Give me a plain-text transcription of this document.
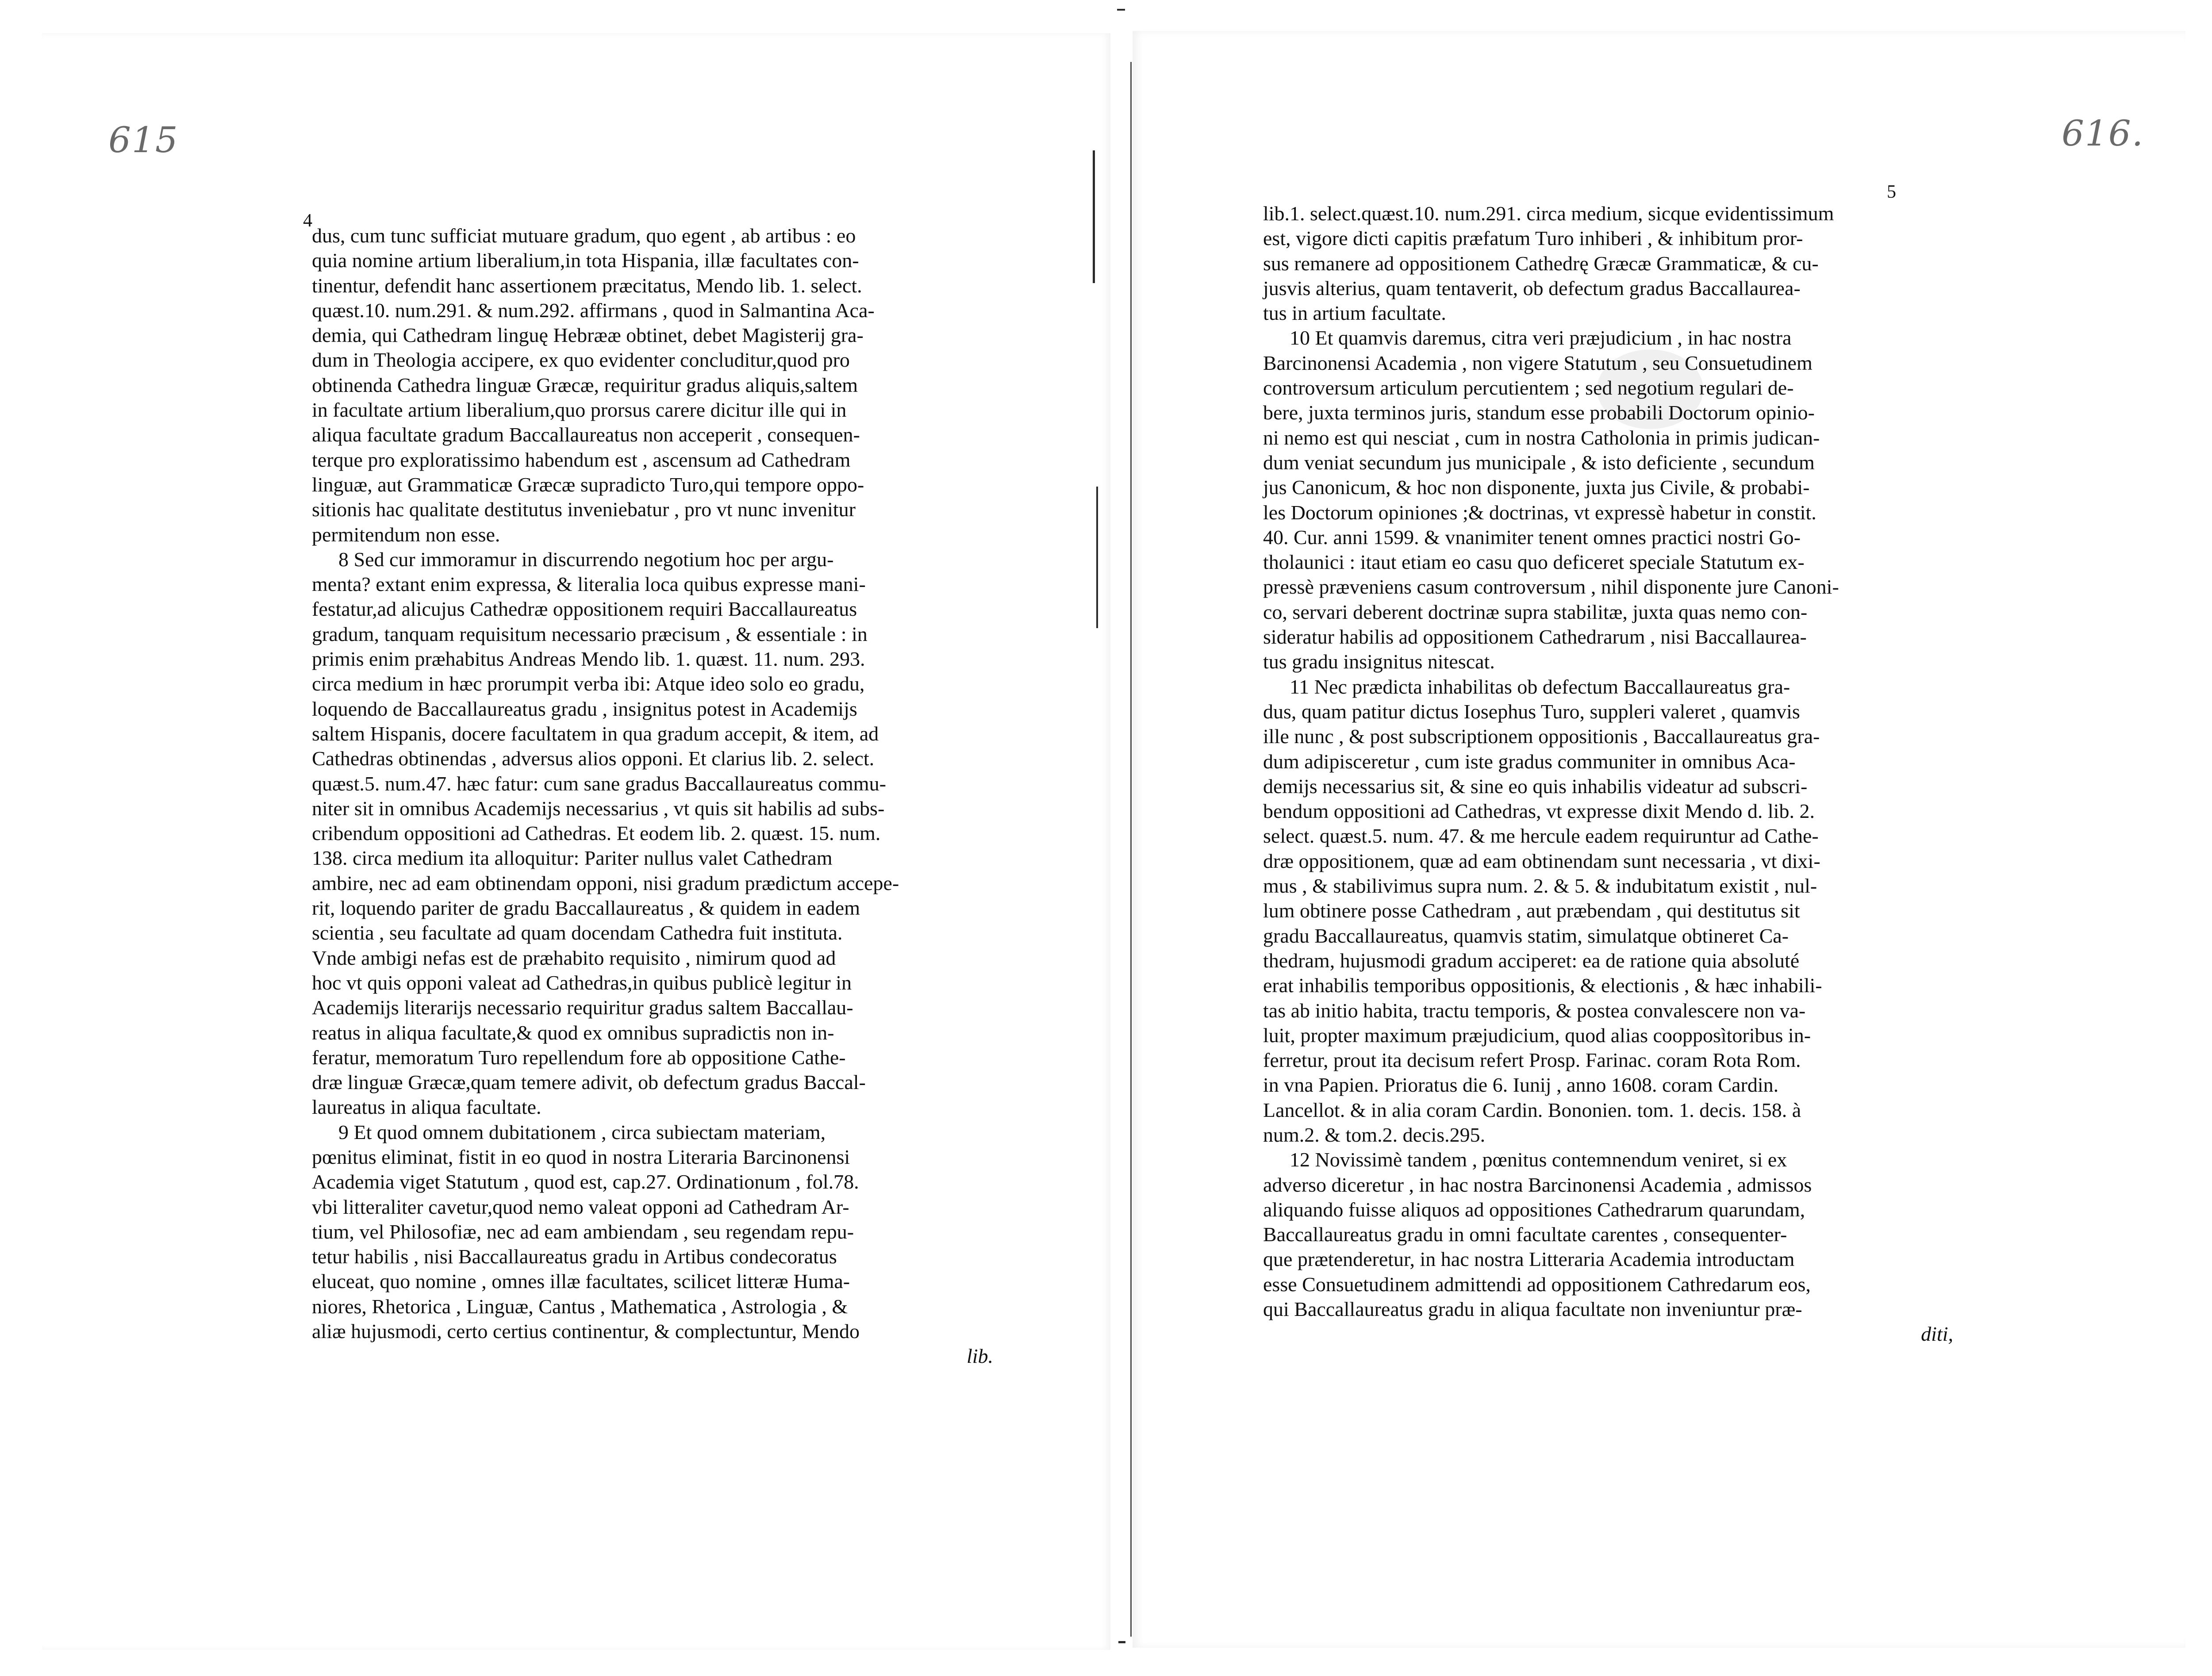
615
4
dus, cum tunc sufficiat mutuare gradum, quo egent , ab artibus : eo
quia nomine artium liberalium,in tota Hispania, illæ facultates con-
tinentur, defendit hanc assertionem præcitatus, Mendo lib. 1. select.
quæst.10. num.291. & num.292. affirmans , quod in Salmantina Aca-
demia, qui Cathedram linguę Hebrææ obtinet, debet Magisterij gra-
dum in Theologia accipere, ex quo evidenter concluditur,quod pro
obtinenda Cathedra linguæ Græcæ, requiritur gradus aliquis,saltem
in facultate artium liberalium,quo prorsus carere dicitur ille qui in
aliqua facultate gradum Baccallaureatus non acceperit , consequen-
terque pro exploratissimo habendum est , ascensum ad Cathedram
linguæ, aut Grammaticæ Græcæ supradicto Turo,qui tempore oppo-
sitionis hac qualitate destitutus inveniebatur , pro vt nunc invenitur
permitendum non esse.
8 Sed cur immoramur in discurrendo negotium hoc per argu-
menta? extant enim expressa, & literalia loca quibus expresse mani-
festatur,ad alicujus Cathedræ oppositionem requiri Baccallaureatus
gradum, tanquam requisitum necessario præcisum , & essentiale : in
primis enim præhabitus Andreas Mendo lib. 1. quæst. 11. num. 293.
circa medium in hæc prorumpit verba ibi: Atque ideo solo eo gradu,
loquendo de Baccallaureatus gradu , insignitus potest in Academijs
saltem Hispanis, docere facultatem in qua gradum accepit, & item, ad
Cathedras obtinendas , adversus alios opponi. Et clarius lib. 2. select.
quæst.5. num.47. hæc fatur: cum sane gradus Baccallaureatus commu-
niter sit in omnibus Academijs necessarius , vt quis sit habilis ad subs-
cribendum oppositioni ad Cathedras. Et eodem lib. 2. quæst. 15. num.
138. circa medium ita alloquitur: Pariter nullus valet Cathedram
ambire, nec ad eam obtinendam opponi, nisi gradum prædictum accepe-
rit, loquendo pariter de gradu Baccallaureatus , & quidem in eadem
scientia , seu facultate ad quam docendam Cathedra fuit instituta.
Vnde ambigi nefas est de præhabito requisito , nimirum quod ad
hoc vt quis opponi valeat ad Cathedras,in quibus publicè legitur in
Academijs literarijs necessario requiritur gradus saltem Baccallau-
reatus in aliqua facultate,& quod ex omnibus supradictis non in-
feratur, memoratum Turo repellendum fore ab oppositione Cathe-
dræ linguæ Græcæ,quam temere adivit, ob defectum gradus Baccal-
laureatus in aliqua facultate.
9 Et quod omnem dubitationem , circa subiectam materiam,
pœnitus eliminat, fistit in eo quod in nostra Literaria Barcinonensi
Academia viget Statutum , quod est, cap.27. Ordinationum , fol.78.
vbi litteraliter cavetur,quod nemo valeat opponi ad Cathedram Ar-
tium, vel Philosofiæ, nec ad eam ambiendam , seu regendam repu-
tetur habilis , nisi Baccallaureatus gradu in Artibus condecoratus
eluceat, quo nomine , omnes illæ facultates, scilicet litteræ Huma-
niores, Rhetorica , Linguæ, Cantus , Mathematica , Astrologia , &
aliæ hujusmodi, certo certius continentur, & complectuntur, Mendo
lib.
616.
5
lib.1. select.quæst.10. num.291. circa medium, sicque evidentissimum
est, vigore dicti capitis præfatum Turo inhiberi , & inhibitum pror-
sus remanere ad oppositionem Cathedrę Græcæ Grammaticæ, & cu-
jusvis alterius, quam tentaverit, ob defectum gradus Baccallaurea-
tus in artium facultate.
10 Et quamvis daremus, citra veri præjudicium , in hac nostra
Barcinonensi Academia , non vigere Statutum , seu Consuetudinem
controversum articulum percutientem ; sed negotium regulari de-
bere, juxta terminos juris, standum esse probabili Doctorum opinio-
ni nemo est qui nesciat , cum in nostra Catholonia in primis judican-
dum veniat secundum jus municipale , & isto deficiente , secundum
jus Canonicum, & hoc non disponente, juxta jus Civile, & probabi-
les Doctorum opiniones ;& doctrinas, vt expressè habetur in constit.
40. Cur. anni 1599. & vnanimiter tenent omnes practici nostri Go-
tholaunici : itaut etiam eo casu quo deficeret speciale Statutum ex-
pressè præveniens casum controversum , nihil disponente jure Canoni-
co, servari deberent doctrinæ supra stabilitæ, juxta quas nemo con-
sideratur habilis ad oppositionem Cathedrarum , nisi Baccallaurea-
tus gradu insignitus nitescat.
11 Nec prædicta inhabilitas ob defectum Baccallaureatus gra-
dus, quam patitur dictus Iosephus Turo, suppleri valeret , quamvis
ille nunc , & post subscriptionem oppositionis , Baccallaureatus gra-
dum adipisceretur , cum iste gradus communiter in omnibus Aca-
demijs necessarius sit, & sine eo quis inhabilis videatur ad subscri-
bendum oppositioni ad Cathedras, vt expresse dixit Mendo d. lib. 2.
select. quæst.5. num. 47. & me hercule eadem requiruntur ad Cathe-
dræ oppositionem, quæ ad eam obtinendam sunt necessaria , vt dixi-
mus , & stabilivimus supra num. 2. & 5. & indubitatum existit , nul-
lum obtinere posse Cathedram , aut præbendam , qui destitutus sit
gradu Baccallaureatus, quamvis statim, simulatque obtineret Ca-
thedram, hujusmodi gradum acciperet: ea de ratione quia absoluté
erat inhabilis temporibus oppositionis, & electionis , & hæc inhabili-
tas ab initio habita, tractu temporis, & postea convalescere non va-
luit, propter maximum præjudicium, quod alias coopposìtoribus in-
ferretur, prout ita decisum refert Prosp. Farinac. coram Rota Rom.
in vna Papien. Prioratus die 6. Iunij , anno 1608. coram Cardin.
Lancellot. & in alia coram Cardin. Bononien. tom. 1. decis. 158. à
num.2. & tom.2. decis.295.
12 Novissimè tandem , pœnitus contemnendum veniret, si ex
adverso diceretur , in hac nostra Barcinonensi Academia , admissos
aliquando fuisse aliquos ad oppositiones Cathedrarum quarundam,
Baccallaureatus gradu in omni facultate carentes , consequenter-
que prætenderetur, in hac nostra Litteraria Academia introductam
esse Consuetudinem admittendi ad oppositionem Cathredarum eos,
qui Baccallaureatus gradu in aliqua facultate non inveniuntur præ-
diti,
